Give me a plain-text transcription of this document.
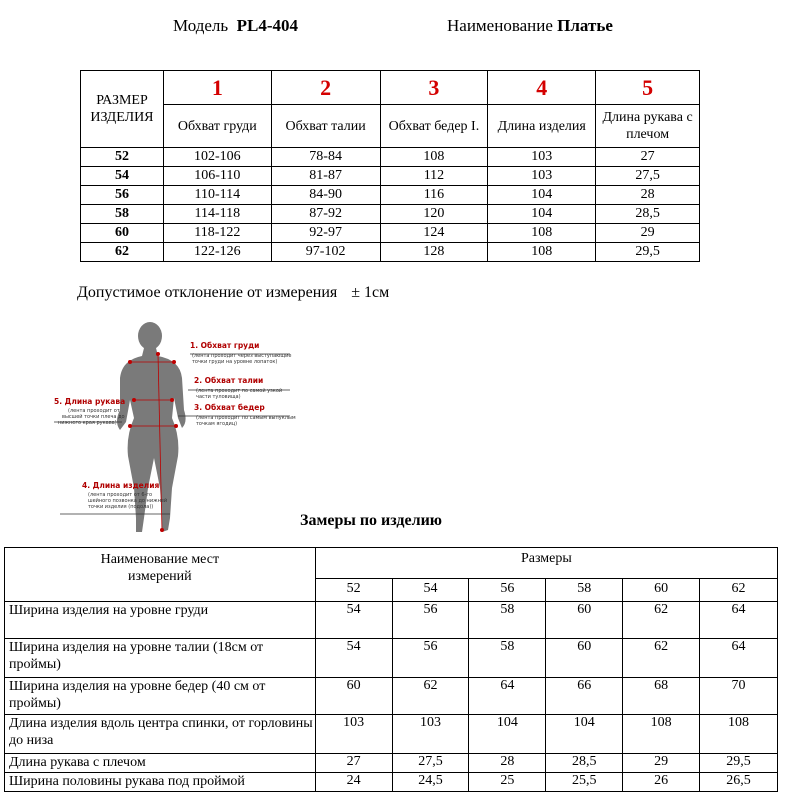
Модель PL4-404	Наименование Платье
РАЗМЕР ИЗДЕЛИЯ	1	2	3	4	5
	Обхват груди	Обхват талии	Обхват бедер I.	Длина изделия	Длина рукава с плечом
52	102-106	78-84	108	103	27
54	106-110	81-87	112	103	27,5
56	110-114	84-90	116	104	28
58	114-118	87-92	120	104	28,5
60	118-122	92-97	124	108	29
62	122-126	97-102	128	108	29,5
Допустимое отклонение от измерения ± 1см
1. Обхват груди
(лента проходит через выступающие
точки груди на уровне лопаток)
2. Обхват талии
(лента проходит по самой узкой
части туловища)
3. Обхват бедер
(лента проходит по самым выпуклым
точкам ягодиц)
5. Длина рукава
(лента проходит от
высшей точки плеча до
нижнего края рукава)
4. Длина изделия
(лента проходит от 6-го
шейного позвонка до нижней
точки изделия (подола))
Замеры по изделию
Наименование мест измерений	Размеры					
	52	54	56	58	60	62
Ширина изделия на уровне груди	54	56	58	60	62	64
Ширина изделия на уровне талии (18см от проймы)	54	56	58	60	62	64
Ширина изделия на уровне бедер (40 см от проймы)	60	62	64	66	68	70
Длина изделия вдоль центра спинки, от горловины до низа	103	103	104	104	108	108
Длина рукава с плечом	27	27,5	28	28,5	29	29,5
Ширина половины рукава под проймой	24	24,5	25	25,5	26	26,5
